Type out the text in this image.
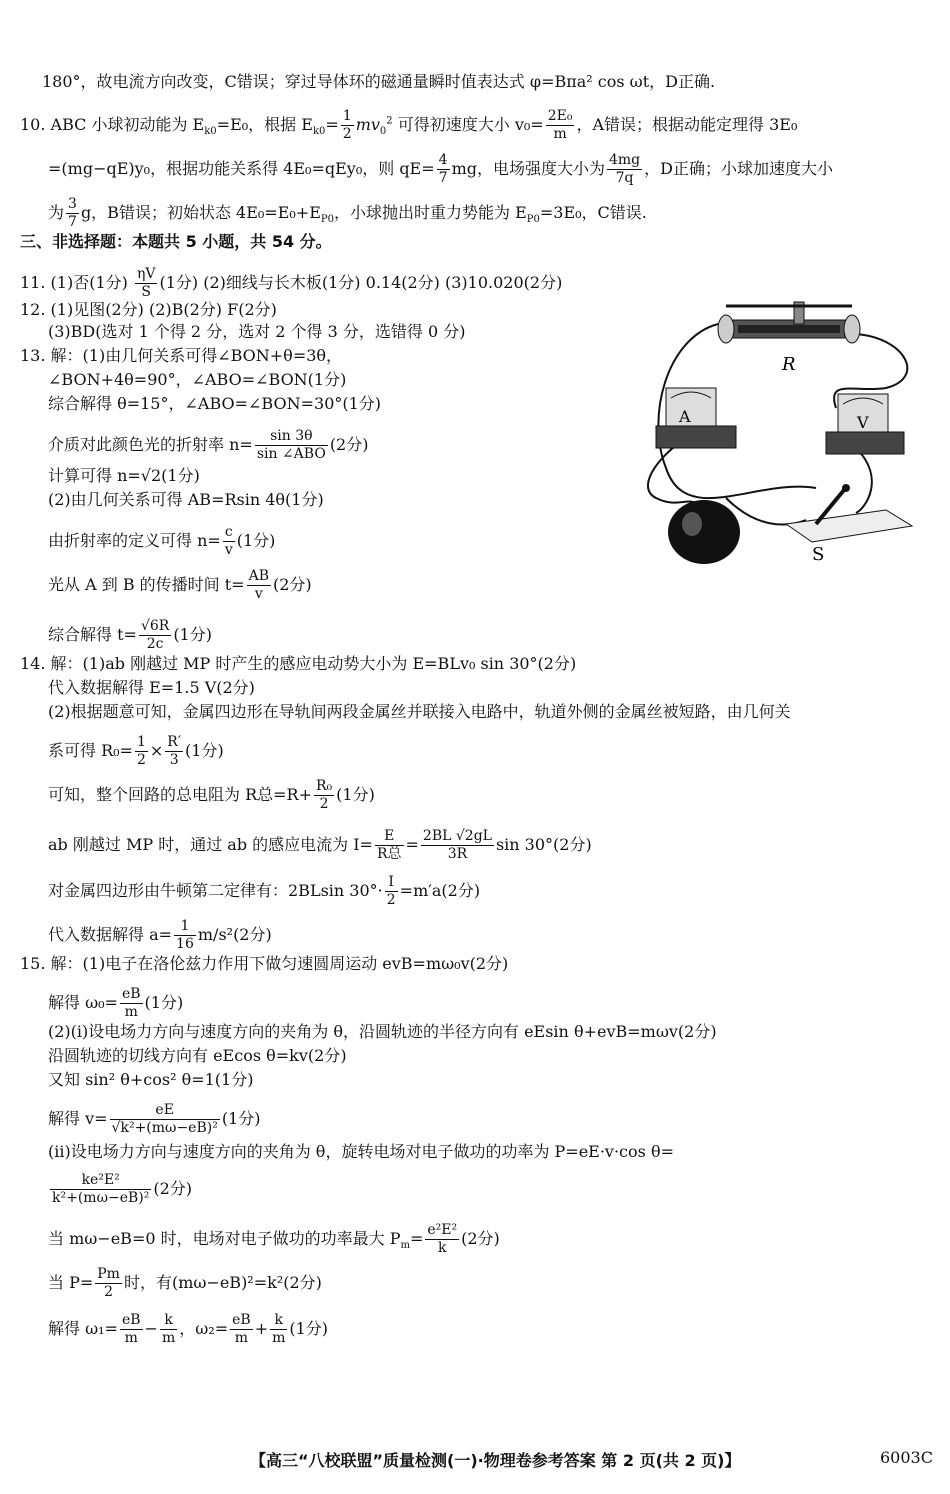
180°，故电流方向改变，C错误；穿过导体环的磁通量瞬时值表达式 φ=Bπa² cos ωt，D正确.
10. ABC 小球初动能为 $E_{k0}=E_0$，根据 $E_{k0}= \frac{1}{2} mv_0^2$ 可得初速度大小 $v_0= \frac{\text{2E₀}}{m}$ ，A错误；根据动能定理得 3E₀
=(mg−qE)y₀，根据功能关系得 4E₀=qEy₀，则 $qE= \frac{4}{7}$ mg，电场强度大小为 $\frac{4mg}{7q}$ ，D正确；小球加速度大小
为 $\frac{3}{7}$ g，B错误；初始状态 $4E_0=E_0+E_{P0}$，小球抛出时重力势能为 $E_{P0}=3E_0$，C错误.
三、非选择题：本题共 5 小题，共 54 分。
11. (1)否(1分) $\frac{\eta V}{S} (1$分) (2)细线与长木板(1分) 0.14(2分) (3)10.020(2分)
12. (1)见图(2分) (2)B(2分) F(2分)
(3)BD(选对 1 个得 2 分，选对 2 个得 3 分，选错得 0 分)
13. 解：(1)由几何关系可得∠BON+θ=3θ，
∠BON+4θ=90°，∠ABO=∠BON(1分)
综合解得 θ=15°，∠ABO=∠BON=30°(1分)
介质对此颜色光的折射率 $n= \frac{\sin 3\theta}{\text{sin ∠ABO}} (2$分)
计算可得 n=√2(1分)
(2)由几何关系可得 AB=Rsin 4θ(1分)
由折射率的定义可得 $n= \frac{c}{v} (1$分)
光从 A 到 B 的传播时间 $t= \frac{AB}{v} (2$分)
综合解得 $t= \frac{√6R}{2c} (1$分)
14. 解：(1)ab 刚越过 MP 时产生的感应电动势大小为 E=BLv₀ sin 30°(2分)
代入数据解得 E=1.5 V(2分)
(2)根据题意可知，金属四边形在导轨间两段金属丝并联接入电路中，轨道外侧的金属丝被短路，由几何关
系可得 $R_0= \frac{1}{2} \times \frac{R'}{3} (1$分)
可知，整个回路的总电阻为 R总$=R+ \frac{\text{R₀}}{2} (1$分)
ab 刚越过 MP 时，通过 ab 的感应电流为 $I= \frac{E}{\text{R总}} = \frac{2BL √2gL}{3R}$ sin 30°(2分)
对金属四边形由牛顿第二定律有：2BLsin $30^\circ\cdot \frac{I}{2} =m'a(2$分)
代入数据解得 $a= \frac{1}{16} m/s^2(2$分)
15. 解：(1)电子在洛伦兹力作用下做匀速圆周运动 evB=mω₀v(2分)
解得 $\omega_0= \frac{eB}{m} (1$分)
(2)(i)设电场力方向与速度方向的夹角为 θ，沿圆轨迹的半径方向有 eEsin θ+evB=mωv(2分)
沿圆轨迹的切线方向有 eEcos θ=kv(2分)
又知 sin² θ+cos² θ=1(1分)
解得 $v= \frac{eE}{\text{√k²+(mω−eB)²}} (1$分)
(ii)设电场力方向与速度方向的夹角为 θ，旋转电场对电子做功的功率为 P=eE·v·cos θ=
$\frac{\text{ke²E²}}{\text{k²+(mω−eB)²}} (2$分)
当 mω−eB=0 时，电场对电子做功的功率最大 $P_m= \frac{\text{e²E²}}{k} (2$分)
当 $P= \frac{Pm}{2}$ 时，有(mω−eB)²=k²(2分)
解得 $\omega_1= \frac{eB}{m} - \frac{k}{m}$ ，$\omega_2= \frac{eB}{m} + \frac{k}{m} (1$分)
R
A	V
S
【高三“八校联盟”质量检测(一)·物理卷参考答案 第 2 页(共 2 页)】	6003C
